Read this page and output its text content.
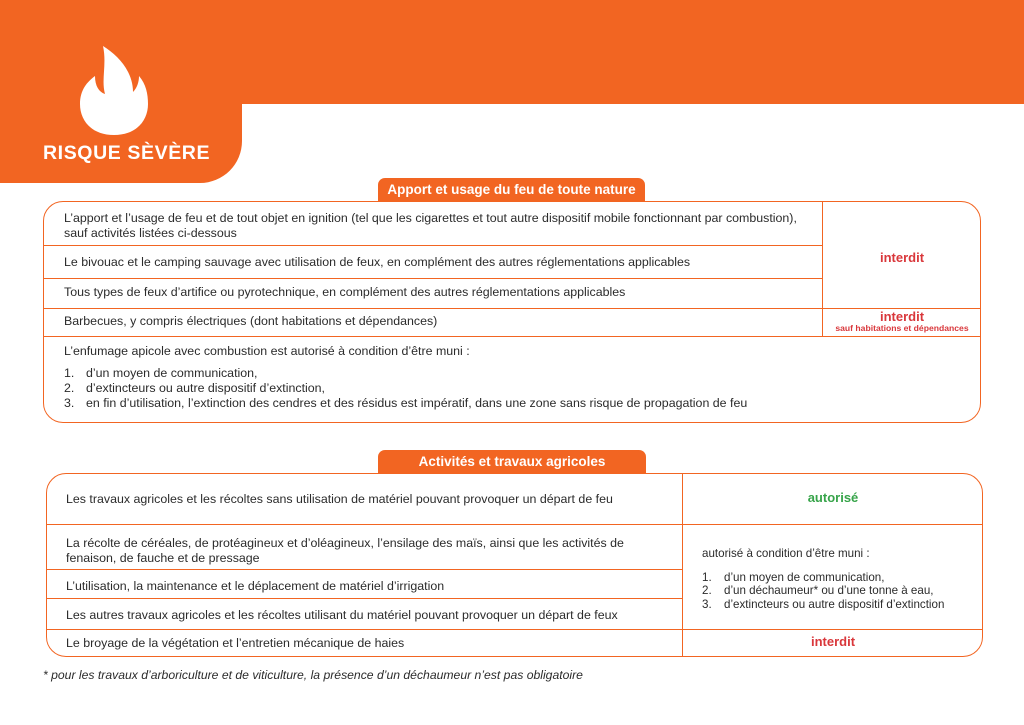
RISQUE SÈVÈRE
Apport et usage du feu de toute nature
L’apport et l’usage de feu et de tout objet en ignition (tel que les cigarettes et tout autre dispositif mobile fonctionnant par combustion), sauf activités listées ci-dessous
Le bivouac et le camping sauvage avec utilisation de feux, en complément des autres réglementations applicables
Tous types de feux d’artifice ou pyrotechnique, en complément des autres réglementations applicables
Barbecues, y compris électriques (dont habitations et dépendances)
interdit
interdit
sauf habitations et dépendances
L’enfumage apicole avec combustion est autorisé à condition d’être muni :
1. d’un moyen de communication,
2. d’extincteurs ou autre dispositif d’extinction,
3. en fin d’utilisation, l’extinction des cendres et des résidus est impératif, dans une zone sans risque de propagation de feu
Activités et travaux agricoles
Les travaux agricoles et les récoltes sans utilisation de matériel pouvant provoquer un départ de feu	autorisé
La récolte de céréales, de protéagineux et d’oléagineux, l’ensilage des maïs, ainsi que les activités de fenaison, de fauche et de pressage
L’utilisation, la maintenance et le déplacement de matériel d’irrigation
Les autres travaux agricoles et les récoltes utilisant du matériel pouvant provoquer un départ de feux
autorisé à condition d’être muni :
1. d’un moyen de communication,
2. d’un déchaumeur* ou d’une tonne à eau,
3. d’extincteurs ou autre dispositif d’extinction
Le broyage de la végétation et l’entretien mécanique de haies	interdit
* pour les travaux d’arboriculture et de viticulture, la présence d’un déchaumeur n’est pas obligatoire
